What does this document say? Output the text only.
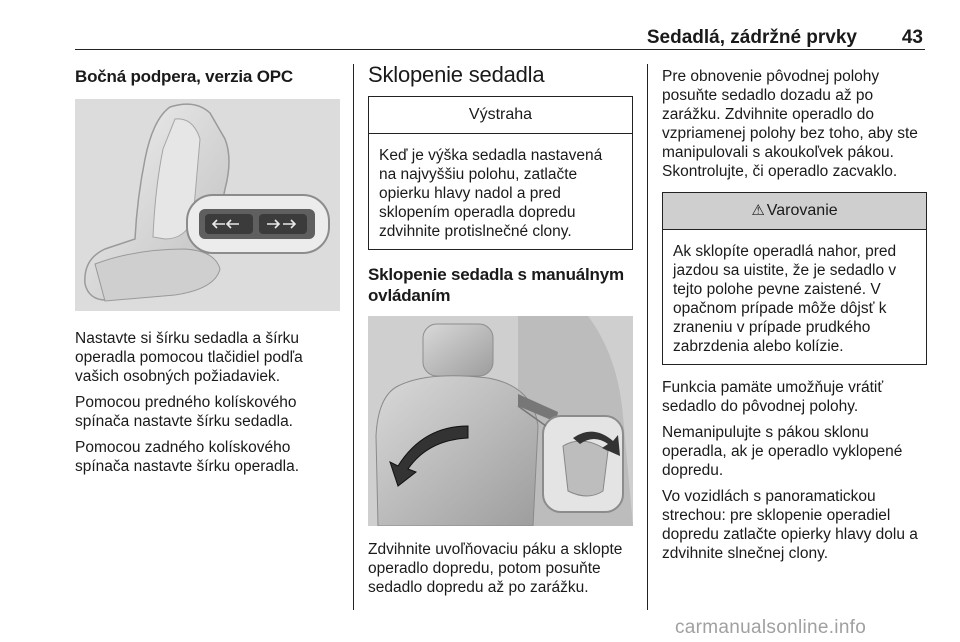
Sedadlá, zádržné prvky 43
Bočná podpera, verzia OPC

Nastavte si šírku sedadla a šírku operadla pomocou tlačidiel podľa vašich osobných požiadaviek.

Pomocou predného kolískového spínača nastavte šírku sedadla.

Pomocou zadného kolískového spínača nastavte šírku operadla.

Sklopenie sedadla
Výstraha

Keď je výška sedadla nastavená na najvyššiu polohu, zatlačte opierku hlavy nadol a pred sklopením operadla dopredu zdvihnite protislnečné clony.

Sklopenie sedadla s manuálnym ovládaním

Zdvihnite uvoľňovaciu páku a sklopte operadlo dopredu, potom posuňte sedadlo dopredu až po zarážku.

Pre obnovenie pôvodnej polohy posuňte sedadlo dozadu až po zarážku. Zdvihnite operadlo do vzpriamenej polohy bez toho, aby ste manipulovali s akoukoľvek pákou. Skontrolujte, či operadlo zacvaklo.

⚠ Varovanie

Ak sklopíte operadlá nahor, pred jazdou sa uistite, že je sedadlo v tejto polohe pevne zaistené. V opačnom prípade môže dôjsť k zraneniu v prípade prudkého zabrzdenia alebo kolízie.

Funkcia pamäte umožňuje vrátiť sedadlo do pôvodnej polohy.

Nemanipulujte s pákou sklonu operadla, ak je operadlo vyklopené dopredu.

Vo vozidlách s panoramatickou strechou: pre sklopenie operadiel dopredu zatlačte opierky hlavy dolu a zdvihnite slnečnej clony.

carmanualsonline.info
